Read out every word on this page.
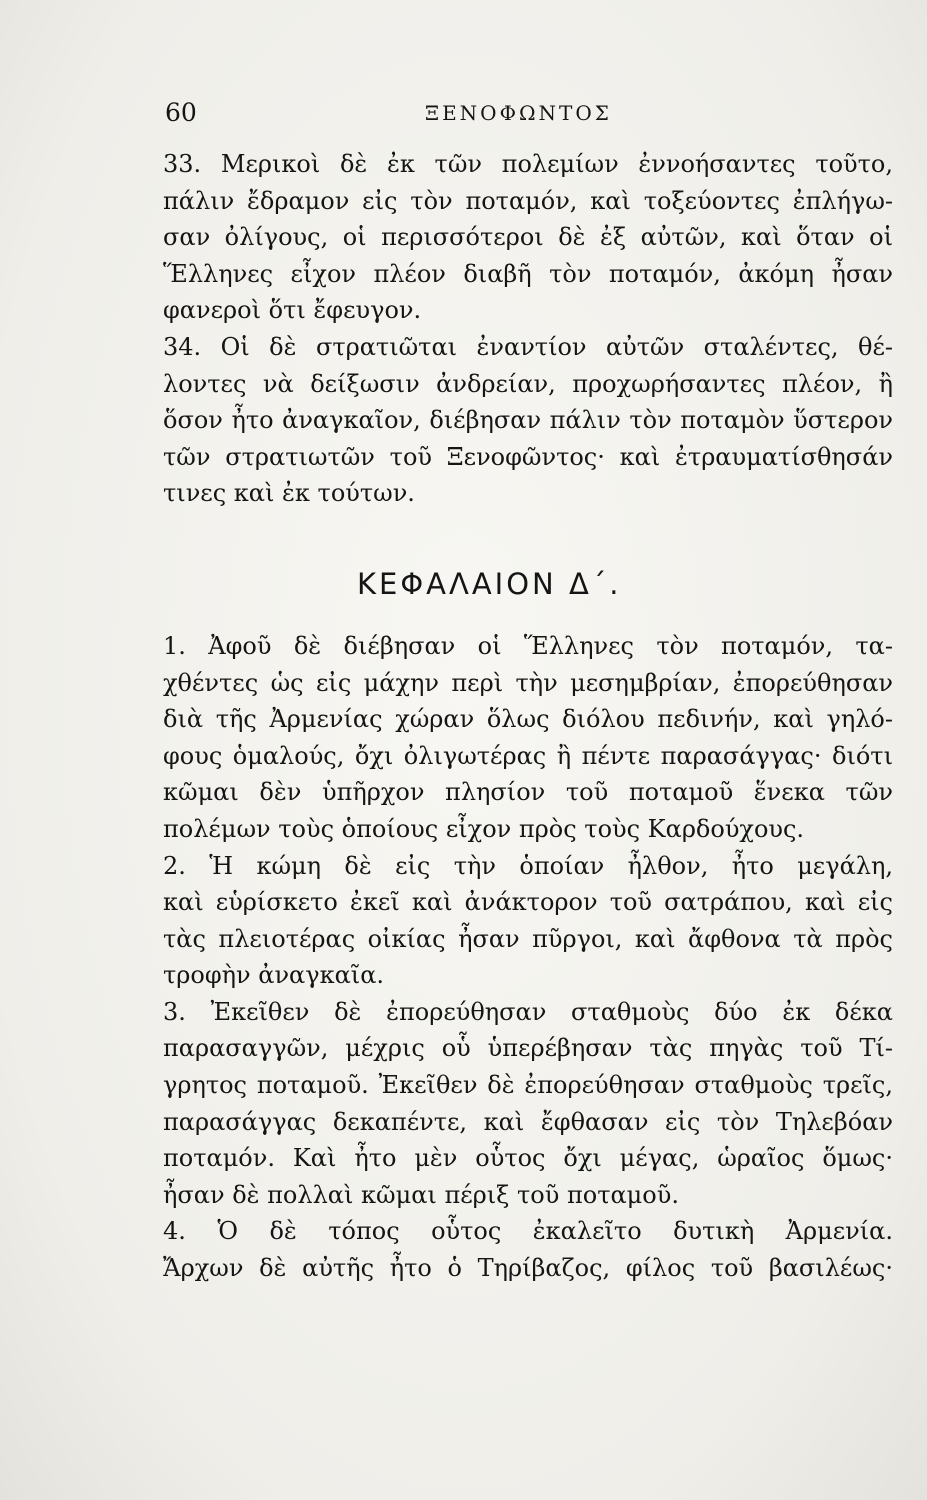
60	ΞΕΝΟΦΩΝΤΟΣ
33. Μερικοὶ δὲ ἐκ τῶν πολεμίων ἐννοήσαντες τοῦτο,
πάλιν ἔδραμον εἰς τὸν ποταμόν, καὶ τοξεύοντες ἐπλήγω-
σαν ὀλίγους, οἱ περισσότεροι δὲ ἐξ αὐτῶν, καὶ ὅταν οἱ
Ἕλληνες εἶχον πλέον διαβῆ τὸν ποταμόν, ἀκόμη ἦσαν
φανεροὶ ὅτι ἔφευγον.
34. Οἱ δὲ στρατιῶται ἐναντίον αὐτῶν σταλέντες, θέ-
λοντες νὰ δείξωσιν ἀνδρείαν, προχωρήσαντες πλέον, ἢ
ὅσον ἦτο ἀναγκαῖον, διέβησαν πάλιν τὸν ποταμὸν ὕστερον
τῶν στρατιωτῶν τοῦ Ξενοφῶντος· καὶ ἐτραυματίσθησάν
τινες καὶ ἐκ τούτων.
ΚΕΦΑΛΑΙΟΝ Δ΄.
1. Ἀφοῦ δὲ διέβησαν οἱ Ἕλληνες τὸν ποταμόν, τα-
χθέντες ὡς εἰς μάχην περὶ τὴν μεσημβρίαν, ἐπορεύθησαν
διὰ τῆς Ἀρμενίας χώραν ὅλως διόλου πεδινήν, καὶ γηλό-
φους ὁμαλούς, ὄχι ὀλιγωτέρας ἢ πέντε παρασάγγας· διότι
κῶμαι δὲν ὑπῆρχον πλησίον τοῦ ποταμοῦ ἕνεκα τῶν
πολέμων τοὺς ὁποίους εἶχον πρὸς τοὺς Καρδούχους.
2. Ἡ κώμη δὲ εἰς τὴν ὁποίαν ἦλθον, ἦτο μεγάλη,
καὶ εὑρίσκετο ἐκεῖ καὶ ἀνάκτορον τοῦ σατράπου, καὶ εἰς
τὰς πλειοτέρας οἰκίας ἦσαν πῦργοι, καὶ ἄφθονα τὰ πρὸς
τροφὴν ἀναγκαῖα.
3. Ἐκεῖθεν δὲ ἐπορεύθησαν σταθμοὺς δύο ἐκ δέκα
παρασαγγῶν, μέχρις οὗ ὑπερέβησαν τὰς πηγὰς τοῦ Τί-
γρητος ποταμοῦ. Ἐκεῖθεν δὲ ἐπορεύθησαν σταθμοὺς τρεῖς,
παρασάγγας δεκαπέντε, καὶ ἔφθασαν εἰς τὸν Τηλεβόαν
ποταμόν. Καὶ ἦτο μὲν οὗτος ὄχι μέγας, ὡραῖος ὅμως·
ἦσαν δὲ πολλαὶ κῶμαι πέριξ τοῦ ποταμοῦ.
4. Ὁ δὲ τόπος οὗτος ἐκαλεῖτο δυτικὴ Ἀρμενία.
Ἄρχων δὲ αὐτῆς ἦτο ὁ Τηρίβαζος, φίλος τοῦ βασιλέως·
